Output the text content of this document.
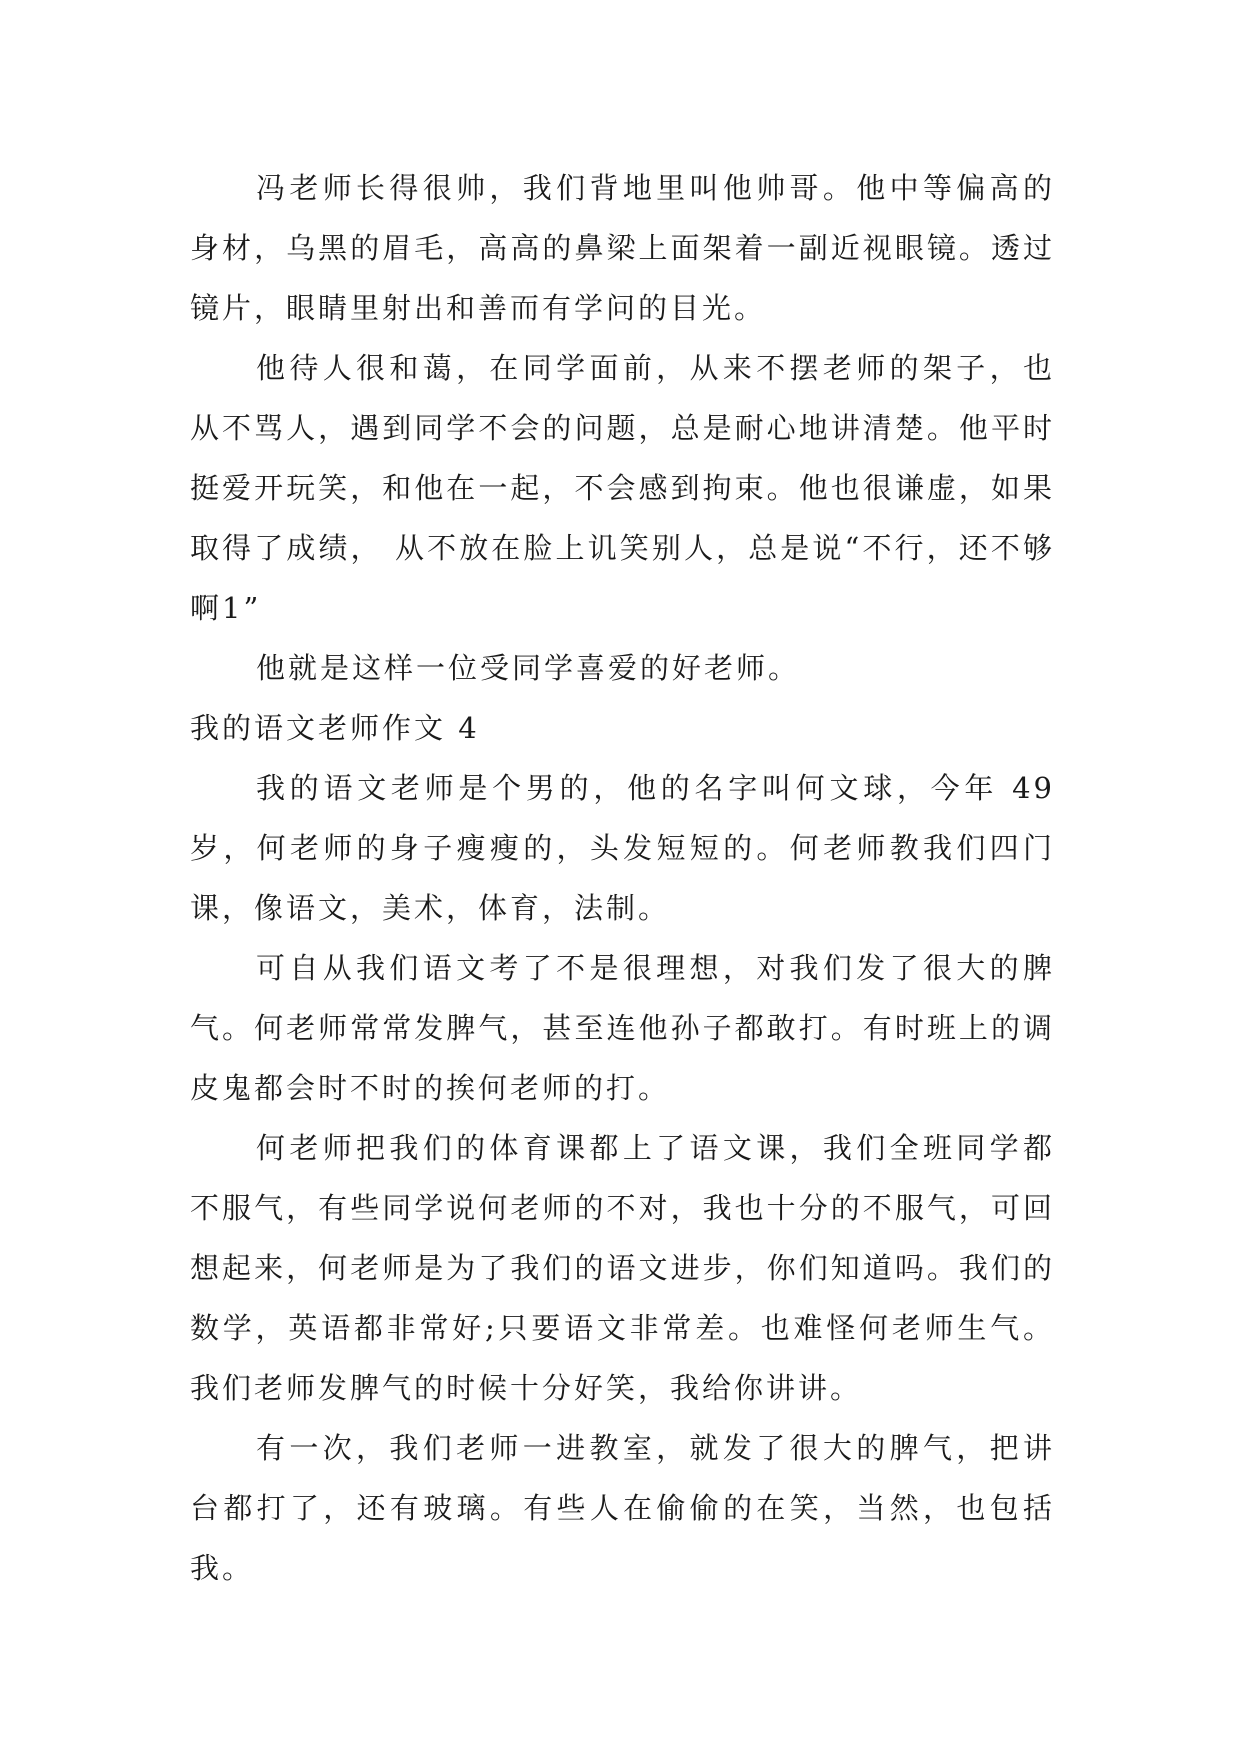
冯老师长得很帅，我们背地里叫他帅哥。他中等偏高的身材，乌黑的眉毛，高高的鼻梁上面架着一副近视眼镜。透过镜片，眼睛里射出和善而有学问的目光。

他待人很和蔼，在同学面前，从来不摆老师的架子，也从不骂人，遇到同学不会的问题，总是耐心地讲清楚。他平时挺爱开玩笑，和他在一起，不会感到拘束。他也很谦虚，如果取得了成绩， 从不放在脸上讥笑别人，总是说“不行，还不够啊1”

他就是这样一位受同学喜爱的好老师。

我的语文老师作文 4

我的语文老师是个男的，他的名字叫何文球，今年 49 岁，何老师的身子瘦瘦的，头发短短的。何老师教我们四门课，像语文，美术，体育，法制。

可自从我们语文考了不是很理想，对我们发了很大的脾气。何老师常常发脾气，甚至连他孙子都敢打。有时班上的调皮鬼都会时不时的挨何老师的打。

何老师把我们的体育课都上了语文课，我们全班同学都不服气，有些同学说何老师的不对，我也十分的不服气，可回想起来，何老师是为了我们的语文进步，你们知道吗。我们的数学，英语都非常好;只要语文非常差。也难怪何老师生气。我们老师发脾气的时候十分好笑，我给你讲讲。

有一次，我们老师一进教室，就发了很大的脾气，把讲台都打了，还有玻璃。有些人在偷偷的在笑，当然，也包括我。
